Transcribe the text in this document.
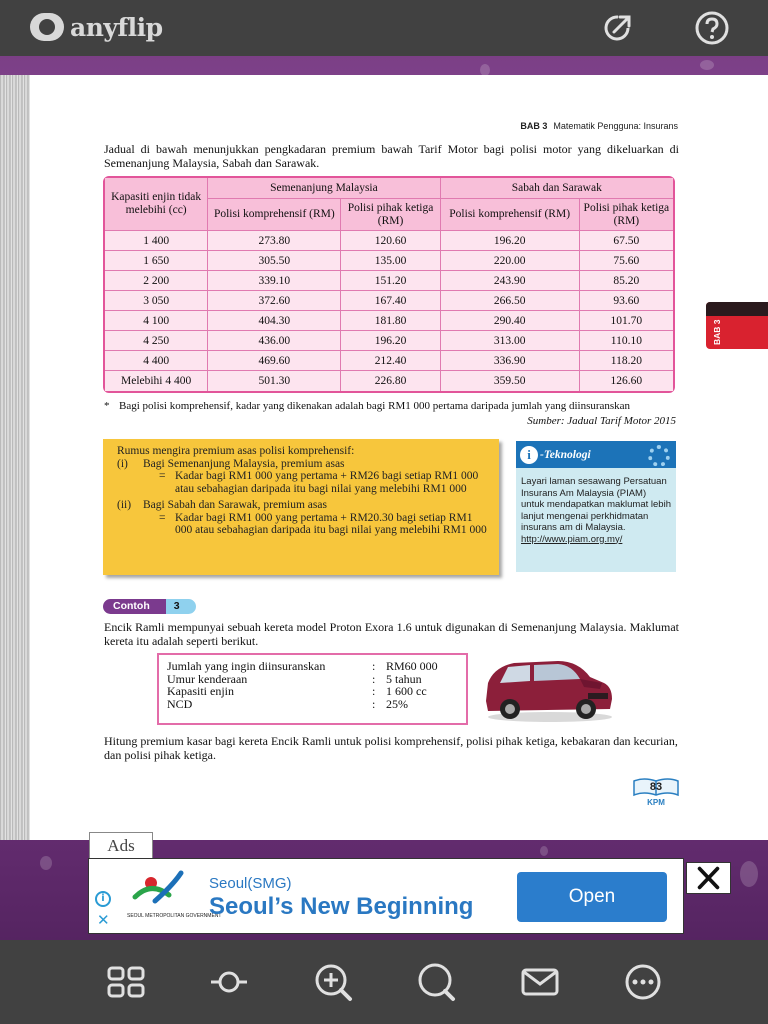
anyflip
BAB 3 Matematik Pengguna: Insurans

Jadual di bawah menunjukkan pengkadaran premium bawah Tarif Motor bagi polisi motor yang dikeluarkan di Semenanjung Malaysia, Sabah dan Sarawak.

Kapasiti enjin tidak melebihi (cc)	Semenanjung Malaysia		Sabah dan Sarawak	
	Polisi komprehensif (RM)	Polisi pihak ketiga (RM)	Polisi komprehensif (RM)	Polisi pihak ketiga (RM)
1 400	273.80	120.60	196.20	67.50
1 650	305.50	135.00	220.00	75.60
2 200	339.10	151.20	243.90	85.20
3 050	372.60	167.40	266.50	93.60
4 100	404.30	181.80	290.40	101.70
4 250	436.00	196.20	313.00	110.10
4 400	469.60	212.40	336.90	118.20
Melebihi 4 400	501.30	226.80	359.50	126.60
* Bagi polisi komprehensif, kadar yang dikenakan adalah bagi RM1 000 pertama daripada jumlah yang diinsuranskan
Sumber: Jadual Tarif Motor 2015
Rumus mengira premium asas polisi komprehensif:
(i) Bagi Semenanjung Malaysia, premium asas
= Kadar bagi RM1 000 yang pertama + RM26 bagi setiap RM1 000 atau sebahagian daripada itu bagi nilai yang melebihi RM1 000
(ii) Bagi Sabah dan Sarawak, premium asas
= Kadar bagi RM1 000 yang pertama + RM20.30 bagi setiap RM1 000 atau sebahagian daripada itu bagi nilai yang melebihi RM1 000
i -Teknologi
Layari laman sesawang Persatuan Insurans Am Malaysia (PIAM) untuk mendapatkan maklumat lebih lanjut mengenai perkhidmatan insurans am di Malaysia.
http://www.piam.org.my/
Contoh	3

Encik Ramli mempunyai sebuah kereta model Proton Exora 1.6 untuk digunakan di Semenanjung Malaysia. Maklumat kereta itu adalah seperti berikut.

Jumlah yang ingin diinsuranskan	: RM60 000
Umur kenderaan	: 5 tahun
Kapasiti enjin	: 1 600 cc
NCD	: 25%

Hitung premium kasar bagi kereta Encik Ramli untuk polisi komprehensif, polisi pihak ketiga, kebakaran dan kecurian, dan polisi pihak ketiga.

83
KPM
BAB 3
Ads
i
✕	SEOUL METROPOLITAN GOVERNMENT
Seoul(SMG)
Seoul’s New Beginning	Open
